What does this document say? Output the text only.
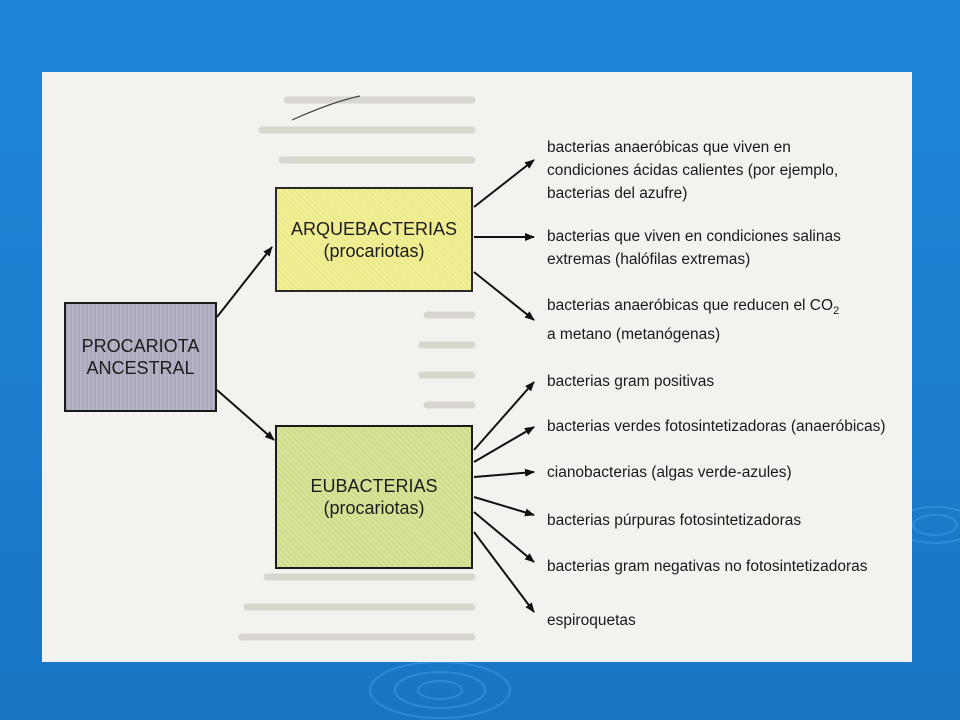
PROCARIOTA
ANCESTRAL
ARQUEBACTERIAS
(procariotas)
EUBACTERIAS
(procariotas)
bacterias anaeróbicas que viven en
condiciones ácidas calientes (por ejemplo,
bacterias del azufre)
bacterias que viven en condiciones salinas
extremas (halófilas extremas)
bacterias anaeróbicas que reducen el $CO_2$
a metano (metanógenas)
bacterias gram positivas
bacterias verdes fotosintetizadoras (anaeróbicas)
cianobacterias (algas verde-azules)
bacterias púrpuras fotosintetizadoras
bacterias gram negativas no fotosintetizadoras
espiroquetas
